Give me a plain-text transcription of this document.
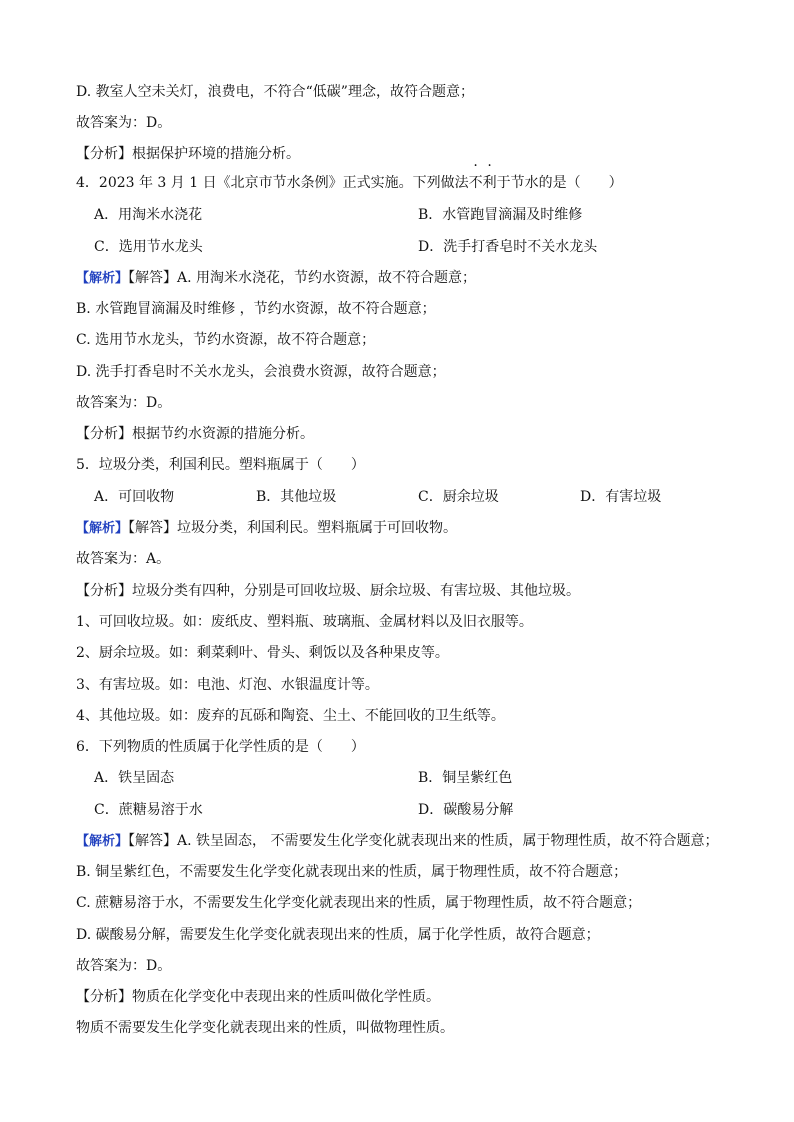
D. 教室人空未关灯，浪费电，不符合“低碳”理念，故符合题意；
故答案为：D。
【分析】根据保护环境的措施分析。
4．2023 年 3 月 1 日《北京市节水条例》正式实施。下列做法不利于节水的是（　　）
A．用淘米水浇花	B．水管跑冒滴漏及时维修
C．选用节水龙头	D．洗手打香皂时不关水龙头
【解析】【解答】A. 用淘米水浇花，节约水资源，故不符合题意；
B. 水管跑冒滴漏及时维修 ，节约水资源，故不符合题意；
C. 选用节水龙头，节约水资源，故不符合题意；
D. 洗手打香皂时不关水龙头，会浪费水资源，故符合题意；
故答案为：D。
【分析】根据节约水资源的措施分析。
5．垃圾分类，利国利民。塑料瓶属于（　　）
A．可回收物	B．其他垃圾	C．厨余垃圾	D．有害垃圾
【解析】【解答】垃圾分类，利国利民。塑料瓶属于可回收物。
故答案为：A。
【分析】垃圾分类有四种，分别是可回收垃圾、厨余垃圾、有害垃圾、其他垃圾。
1、可回收垃圾。如：废纸皮、塑料瓶、玻璃瓶、金属材料以及旧衣服等。
2、厨余垃圾。如：剩菜剩叶、骨头、剩饭以及各种果皮等。
3、有害垃圾。如：电池、灯泡、水银温度计等。
4、其他垃圾。如：废弃的瓦砾和陶瓷、尘土、不能回收的卫生纸等。
6．下列物质的性质属于化学性质的是（　　）
A．铁呈固态	B．铜呈紫红色
C．蔗糖易溶于水	D．碳酸易分解
【解析】【解答】A. 铁呈固态， 不需要发生化学变化就表现出来的性质，属于物理性质，故不符合题意；
B. 铜呈紫红色，不需要发生化学变化就表现出来的性质，属于物理性质，故不符合题意；
C. 蔗糖易溶于水，不需要发生化学变化就表现出来的性质，属于物理性质，故不符合题意；
D. 碳酸易分解，需要发生化学变化就表现出来的性质，属于化学性质，故符合题意；
故答案为：D。
【分析】物质在化学变化中表现出来的性质叫做化学性质。
物质不需要发生化学变化就表现出来的性质，叫做物理性质。
